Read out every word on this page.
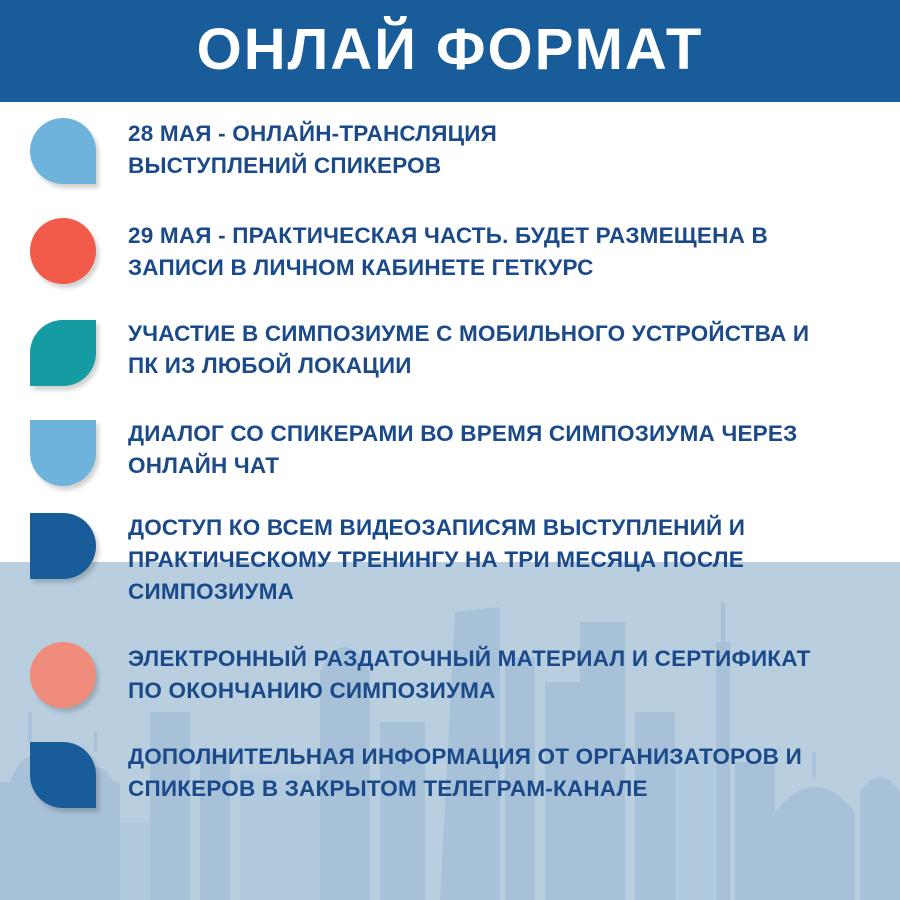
ОНЛАЙ ФОРМАТ
28 МАЯ - ОНЛАЙН-ТРАНСЛЯЦИЯ
ВЫСТУПЛЕНИЙ СПИКЕРОВ
29 МАЯ - ПРАКТИЧЕСКАЯ ЧАСТЬ. БУДЕТ РАЗМЕЩЕНА В
ЗАПИСИ В ЛИЧНОМ КАБИНЕТЕ ГЕТКУРС
УЧАСТИЕ В СИМПОЗИУМЕ С МОБИЛЬНОГО УСТРОЙСТВА И
ПК ИЗ ЛЮБОЙ ЛОКАЦИИ
ДИАЛОГ СО СПИКЕРАМИ ВО ВРЕМЯ СИМПОЗИУМА ЧЕРЕЗ
ОНЛАЙН ЧАТ
ДОСТУП КО ВСЕМ ВИДЕОЗАПИСЯМ ВЫСТУПЛЕНИЙ И
ПРАКТИЧЕСКОМУ ТРЕНИНГУ НА ТРИ МЕСЯЦА ПОСЛЕ
СИМПОЗИУМА
ЭЛЕКТРОННЫЙ РАЗДАТОЧНЫЙ МАТЕРИАЛ И СЕРТИФИКАТ
ПО ОКОНЧАНИЮ СИМПОЗИУМА
ДОПОЛНИТЕЛЬНАЯ ИНФОРМАЦИЯ ОТ ОРГАНИЗАТОРОВ И
СПИКЕРОВ В ЗАКРЫТОМ ТЕЛЕГРАМ-КАНАЛЕ
